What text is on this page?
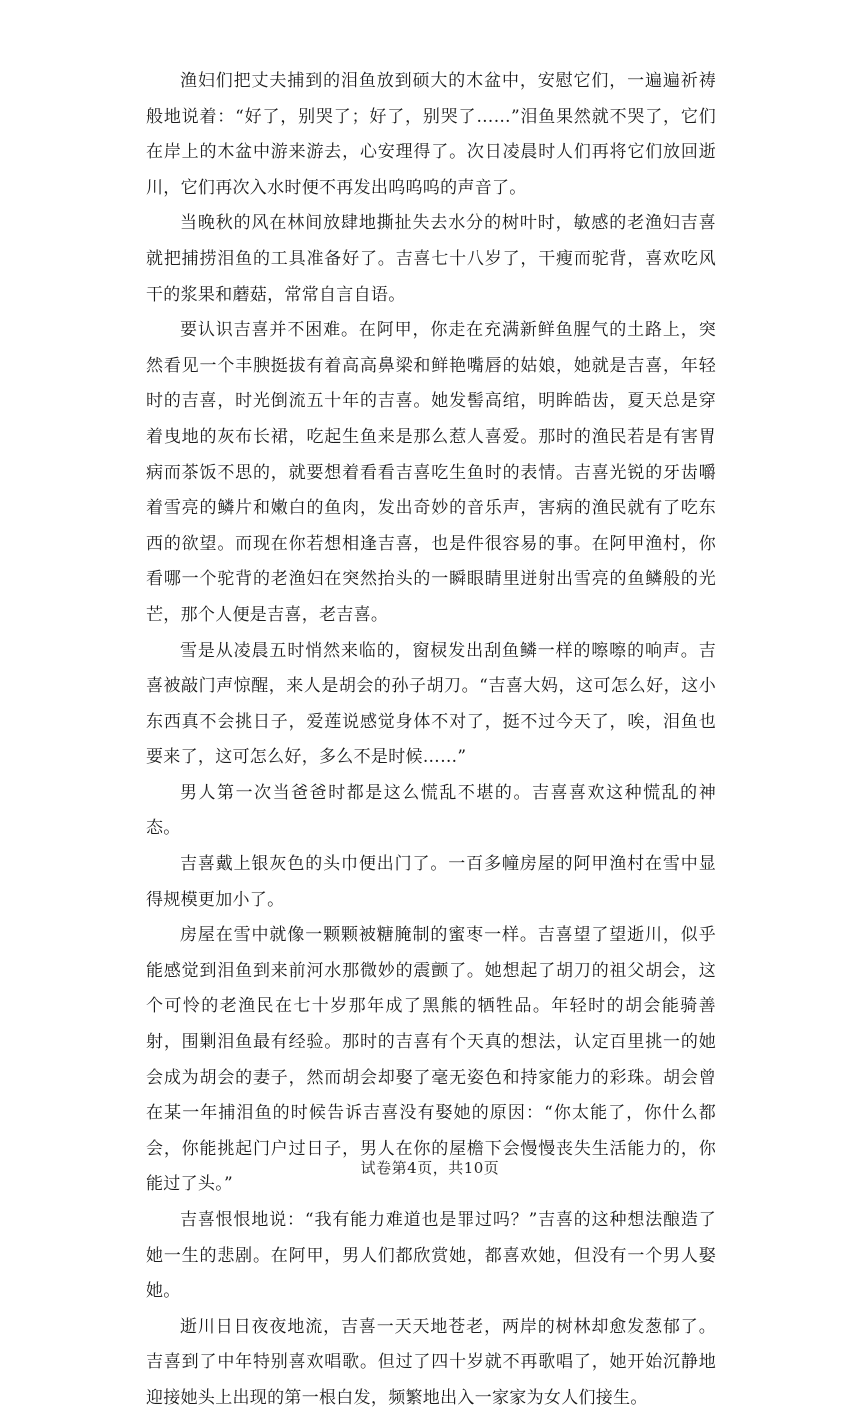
渔妇们把丈夫捕到的泪鱼放到硕大的木盆中，安慰它们，一遍遍祈祷般地说着：“好了，别哭了；好了，别哭了……”泪鱼果然就不哭了，它们在岸上的木盆中游来游去，心安理得了。次日凌晨时人们再将它们放回逝川，它们再次入水时便不再发出呜呜呜的声音了。

当晚秋的风在林间放肆地撕扯失去水分的树叶时，敏感的老渔妇吉喜就把捕捞泪鱼的工具准备好了。吉喜七十八岁了，干瘦而驼背，喜欢吃风干的浆果和蘑菇，常常自言自语。

要认识吉喜并不困难。在阿甲，你走在充满新鲜鱼腥气的土路上，突然看见一个丰腴挺拔有着高高鼻梁和鲜艳嘴唇的姑娘，她就是吉喜，年轻时的吉喜，时光倒流五十年的吉喜。她发髻高绾，明眸皓齿，夏天总是穿着曳地的灰布长裙，吃起生鱼来是那么惹人喜爱。那时的渔民若是有害胃病而茶饭不思的，就要想着看看吉喜吃生鱼时的表情。吉喜光锐的牙齿嚼着雪亮的鳞片和嫩白的鱼肉，发出奇妙的音乐声，害病的渔民就有了吃东西的欲望。而现在你若想相逢吉喜，也是件很容易的事。在阿甲渔村，你看哪一个驼背的老渔妇在突然抬头的一瞬眼睛里迸射出雪亮的鱼鳞般的光芒，那个人便是吉喜，老吉喜。

雪是从凌晨五时悄然来临的，窗棂发出刮鱼鳞一样的嚓嚓的响声。吉喜被敲门声惊醒，来人是胡会的孙子胡刀。“吉喜大妈，这可怎么好，这小东西真不会挑日子，爱莲说感觉身体不对了，挺不过今天了，唉，泪鱼也要来了，这可怎么好，多么不是时候……”

男人第一次当爸爸时都是这么慌乱不堪的。吉喜喜欢这种慌乱的神态。

吉喜戴上银灰色的头巾便出门了。一百多幢房屋的阿甲渔村在雪中显得规模更加小了。

房屋在雪中就像一颗颗被糖腌制的蜜枣一样。吉喜望了望逝川，似乎能感觉到泪鱼到来前河水那微妙的震颤了。她想起了胡刀的祖父胡会，这个可怜的老渔民在七十岁那年成了黑熊的牺牲品。年轻时的胡会能骑善射，围剿泪鱼最有经验。那时的吉喜有个天真的想法，认定百里挑一的她会成为胡会的妻子，然而胡会却娶了毫无姿色和持家能力的彩珠。胡会曾在某一年捕泪鱼的时候告诉吉喜没有娶她的原因：“你太能了，你什么都会，你能挑起门户过日子，男人在你的屋檐下会慢慢丧失生活能力的，你能过了头。”

吉喜恨恨地说：“我有能力难道也是罪过吗？”吉喜的这种想法酿造了她一生的悲剧。在阿甲，男人们都欣赏她，都喜欢她，但没有一个男人娶她。

逝川日日夜夜地流，吉喜一天天地苍老，两岸的树林却愈发葱郁了。吉喜到了中年特别喜欢唱歌。但过了四十岁就不再歌唱了，她开始沉静地迎接她头上出现的第一根白发，频繁地出入一家家为女人们接生。

试卷第4页，共10页
